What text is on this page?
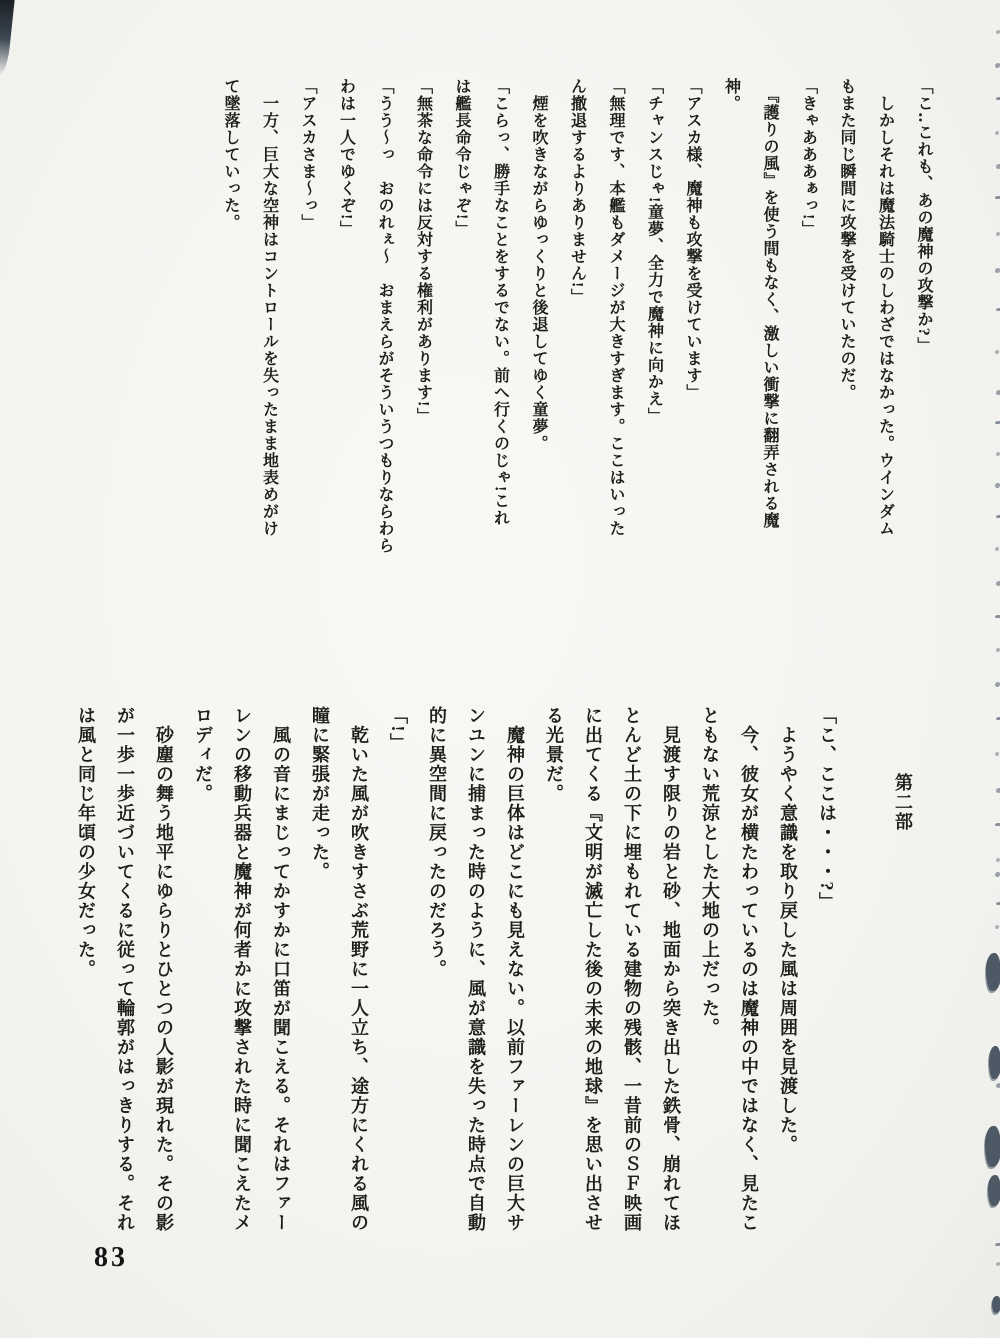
「こ‥これも、あの魔神の攻撃か?」

　しかしそれは魔法騎士のしわざではなかった。ウインダム

もまた同じ瞬間に攻撃を受けていたのだ。

「きゃあああぁっ!」

　『護りの風』を使う間もなく、激しい衝撃に翻弄される魔

神。

「アスカ様、魔神も攻撃を受けています」

「チャンスじゃ!童夢、全力で魔神に向かえ」

「無理です、本艦もダメージが大きすぎます。ここはいった

ん撤退するよりありません!」

　煙を吹きながらゆっくりと後退してゆく童夢。

「こらっ、勝手なことをするでない。前へ行くのじゃ!これ

は艦長命令じゃぞ!」

「無茶な命令には反対する権利があります!」

「うう〜っ　おのれぇ〜　おまえらがそういうつもりならわら

わは一人でゆくぞ!」

「アスカさま〜っ」

　一方、巨大な空神はコントロールを失ったまま地表めがけ

て墜落していった。

第二部

「こ、ここは・・・?」

　ようやく意識を取り戻した風は周囲を見渡した。

　今、彼女が横たわっているのは魔神の中ではなく、見たこ

ともない荒涼とした大地の上だった。

　見渡す限りの岩と砂、地面から突き出した鉄骨、崩れてほ

とんど土の下に埋もれている建物の残骸、一昔前のＳＦ映画

に出てくる『文明が滅亡した後の未来の地球』を思い出させ

る光景だ。

　魔神の巨体はどこにも見えない。以前ファーレンの巨大サ

ンユンに捕まった時のように、風が意識を失った時点で自動

的に異空間に戻ったのだろう。

「!」

　乾いた風が吹きすさぶ荒野に一人立ち、途方にくれる風の

瞳に緊張が走った。

　風の音にまじってかすかに口笛が聞こえる。それはファー

レンの移動兵器と魔神が何者かに攻撃された時に聞こえたメ

ロディだ。

　砂塵の舞う地平にゆらりとひとつの人影が現れた。その影

が一歩一歩近づいてくるに従って輪郭がはっきりする。それ

は風と同じ年頃の少女だった。

83
